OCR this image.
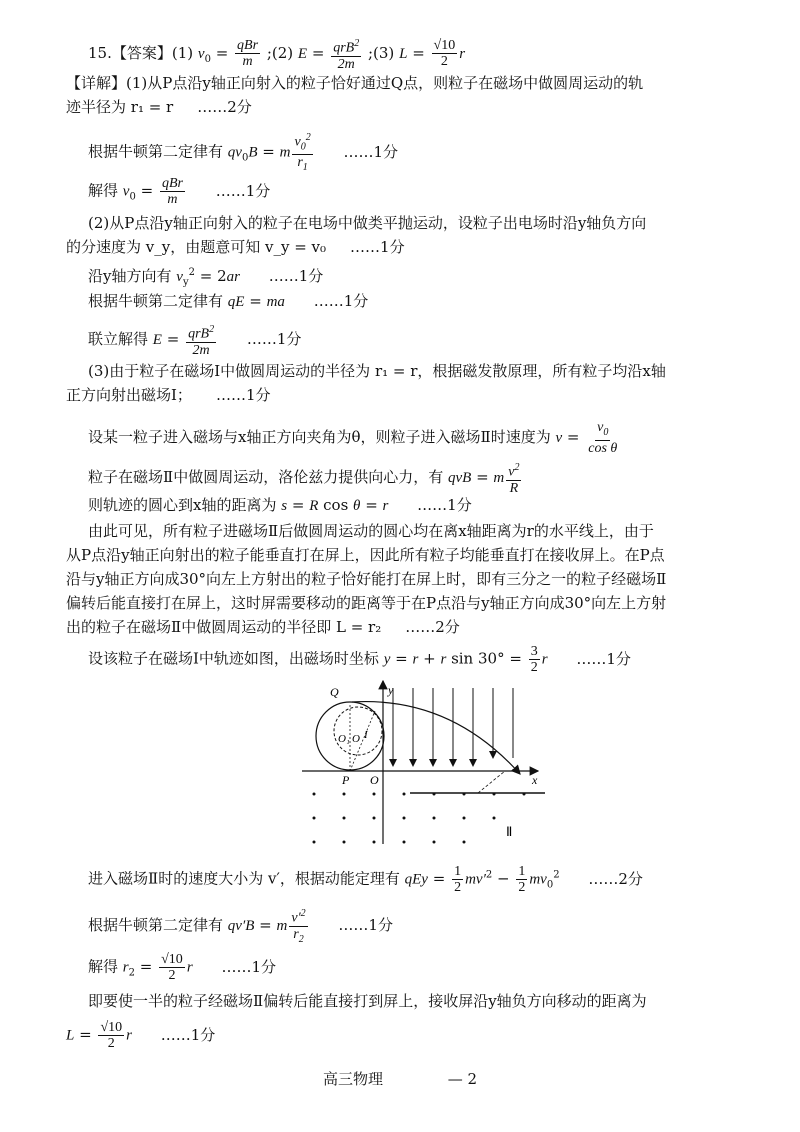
15.【答案】(1) $v_0 = \frac{\text{qBr}}{m}$ ;(2) $E = \frac{qrB^2}{2m}$ ;(3) $L = \frac{√10}{2}$ r
【详解】(1)从P点沿y轴正向射入的粒子恰好通过Q点，则粒子在磁场中做圆周运动的轨
迹半径为 r₁ = r ……2分
根据牛顿第二定律有 $qv_0B = m \frac{v_0^2}{r_1}$ ……1分
解得 $v_0 = \frac{\text{qBr}}{m}$ ……1分
(2)从P点沿y轴正向射入的粒子在电场中做类平抛运动，设粒子出电场时沿y轴负方向
的分速度为 v_y，由题意可知 v_y = v₀ ……1分
沿y轴方向有 $v_y^2 = 2ar$ ……1分
根据牛顿第二定律有 qE = ma ……1分
联立解得 $E = \frac{qrB^2}{2m}$ ……1分
(3)由于粒子在磁场Ⅰ中做圆周运动的半径为 r₁ = r，根据磁发散原理，所有粒子均沿x轴
正方向射出磁场Ⅰ； ……1分
设某一粒子进入磁场与x轴正方向夹角为θ，则粒子进入磁场Ⅱ时速度为 $v = \frac{v_0}{\text{cos θ}}$
粒子在磁场Ⅱ中做圆周运动，洛伦兹力提供向心力，有 qvB = m $\frac{v^2}{R}$
则轨迹的圆心到x轴的距离为 s = R cos θ = r ……1分
由此可见，所有粒子进磁场Ⅱ后做圆周运动的圆心均在离x轴距离为r的水平线上，由于
从P点沿y轴正向射出的粒子能垂直打在屏上，因此所有粒子均能垂直打在接收屏上。在P点
沿与y轴正方向成30°向左上方射出的粒子恰好能打在屏上时，即有三分之一的粒子经磁场Ⅱ
偏转后能直接打在屏上，这时屏需要移动的距离等于在P点沿与y轴正方向成30°向左上方射
出的粒子在磁场Ⅱ中做圆周运动的半径即 L = r₂ ……2分
设该粒子在磁场Ⅰ中轨迹如图，出磁场时坐标 y = r + r $\sin 30^\circ = \frac{3}{2}$ r ……1分
y
x
Q
P O
O₁ O I
Ⅱ
进入磁场Ⅱ时的速度大小为 v′，根据动能定理有 qEy = $\frac{1}{2} mv'^2 - \frac{1}{2} mv_0^2$ ……2分
根据牛顿第二定律有 qv′B = m $\frac{v'^2}{r_2}$ ……1分
解得 $r_2 = \frac{√10}{2}$ r ……1分
即要使一半的粒子经磁场Ⅱ偏转后能直接打到屏上，接收屏沿y轴负方向移动的距离为
$L = \frac{√10}{2}$ r ……1分
高三物理	— 2
